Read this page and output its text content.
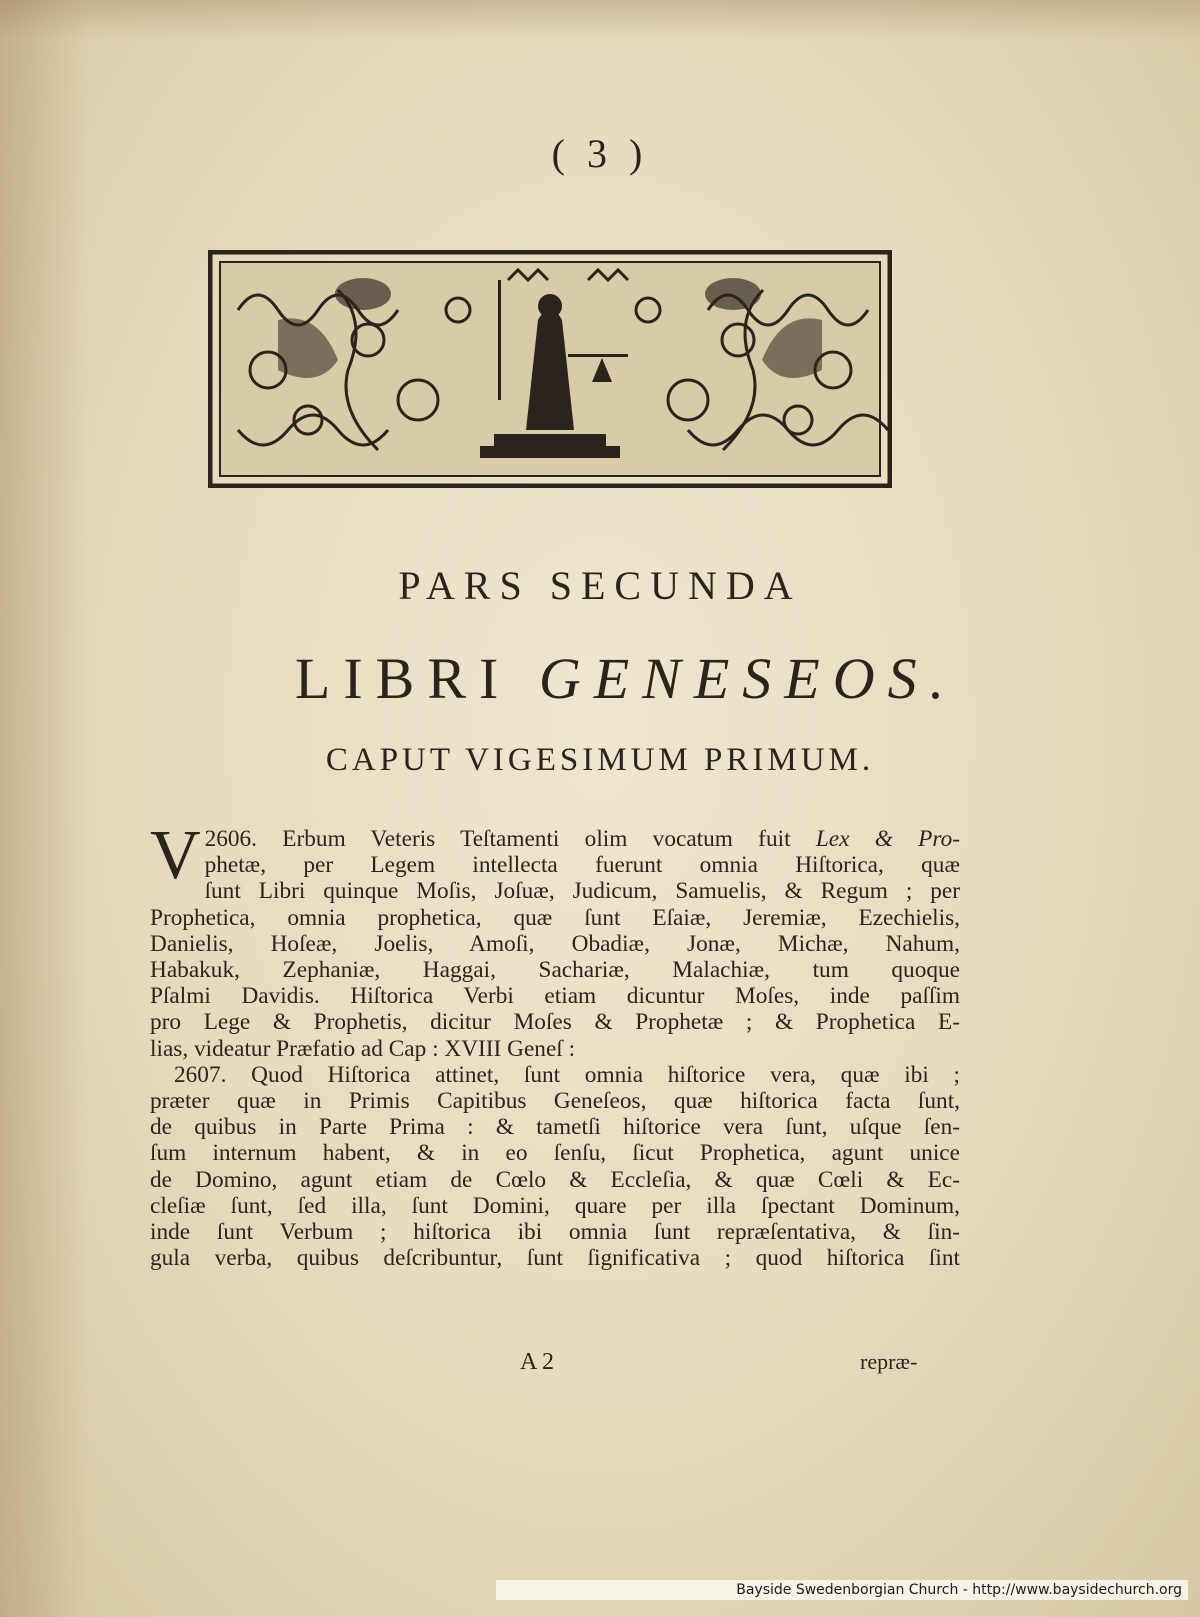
( 3 )
PARS SECUNDA
LIBRI GENESEOS.
CAPUT VIGESIMUM PRIMUM.
2606.
V	Erbum Veteris Teſtamenti olim vocatum fuit Lex & Pro-
phetæ, per Legem intellecta fuerunt omnia Hiſtorica, quæ
ſunt Libri quinque Moſis, Joſuæ, Judicum, Samuelis, & Regum ; per
Prophetica, omnia prophetica, quæ ſunt Eſaiæ, Jeremiæ, Ezechielis,
Danielis, Hoſeæ, Joelis, Amoſi, Obadiæ, Jonæ, Michæ, Nahum,
Habakuk, Zephaniæ, Haggai, Sachariæ, Malachiæ, tum quoque
Pſalmi Davidis. Hiſtorica Verbi etiam dicuntur Moſes, inde paſſim
pro Lege & Prophetis, dicitur Moſes & Prophetæ ; & Prophetica E-
lias, videatur Præfatio ad Cap : XVIII Geneſ :
2607. Quod Hiſtorica attinet, ſunt omnia hiſtorice vera, quæ ibi ;
præter quæ in Primis Capitibus Geneſeos, quæ hiſtorica facta ſunt,
de quibus in Parte Prima : & tametſi hiſtorice vera ſunt, uſque ſen-
ſum internum habent, & in eo ſenſu, ſicut Prophetica, agunt unice
de Domino, agunt etiam de Cœlo & Eccleſia, & quæ Cœli & Ec-
cleſiæ ſunt, ſed illa, ſunt Domini, quare per illa ſpectant Dominum,
inde ſunt Verbum ; hiſtorica ibi omnia ſunt repræſentativa, & ſin-
gula verba, quibus deſcribuntur, ſunt ſignificativa ; quod hiſtorica ſint
A 2	repræ-
Bayside Swedenborgian Church - http://www.baysidechurch.org
